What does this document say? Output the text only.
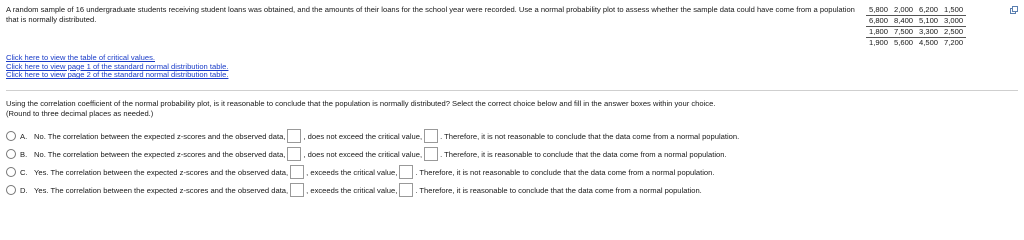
A random sample of 16 undergraduate students receiving student loans was obtained, and the amounts of their loans for the school year were recorded. Use a normal probability plot to assess whether the sample data could have come from a population that is normally distributed.
5,800	2,000	6,200	1,500
6,800	8,400	5,100	3,000
1,800	7,500	3,300	2,500
1,900	5,600	4,500	7,200
Click here to view the table of critical values.
Click here to view page 1 of the standard normal distribution table.
Click here to view page 2 of the standard normal distribution table.
Using the correlation coefficient of the normal probability plot, is it reasonable to conclude that the population is normally distributed? Select the correct choice below and fill in the answer boxes within your choice.
(Round to three decimal places as needed.)
A. No. The correlation between the expected z-scores and the observed data, , does not exceed the critical value, . Therefore, it is not reasonable to conclude that the data come from a normal population.
B. No. The correlation between the expected z-scores and the observed data, , does not exceed the critical value, . Therefore, it is reasonable to conclude that the data come from a normal population.
C. Yes. The correlation between the expected z-scores and the observed data, , exceeds the critical value, . Therefore, it is not reasonable to conclude that the data come from a normal population.
D. Yes. The correlation between the expected z-scores and the observed data, , exceeds the critical value, . Therefore, it is reasonable to conclude that the data come from a normal population.
